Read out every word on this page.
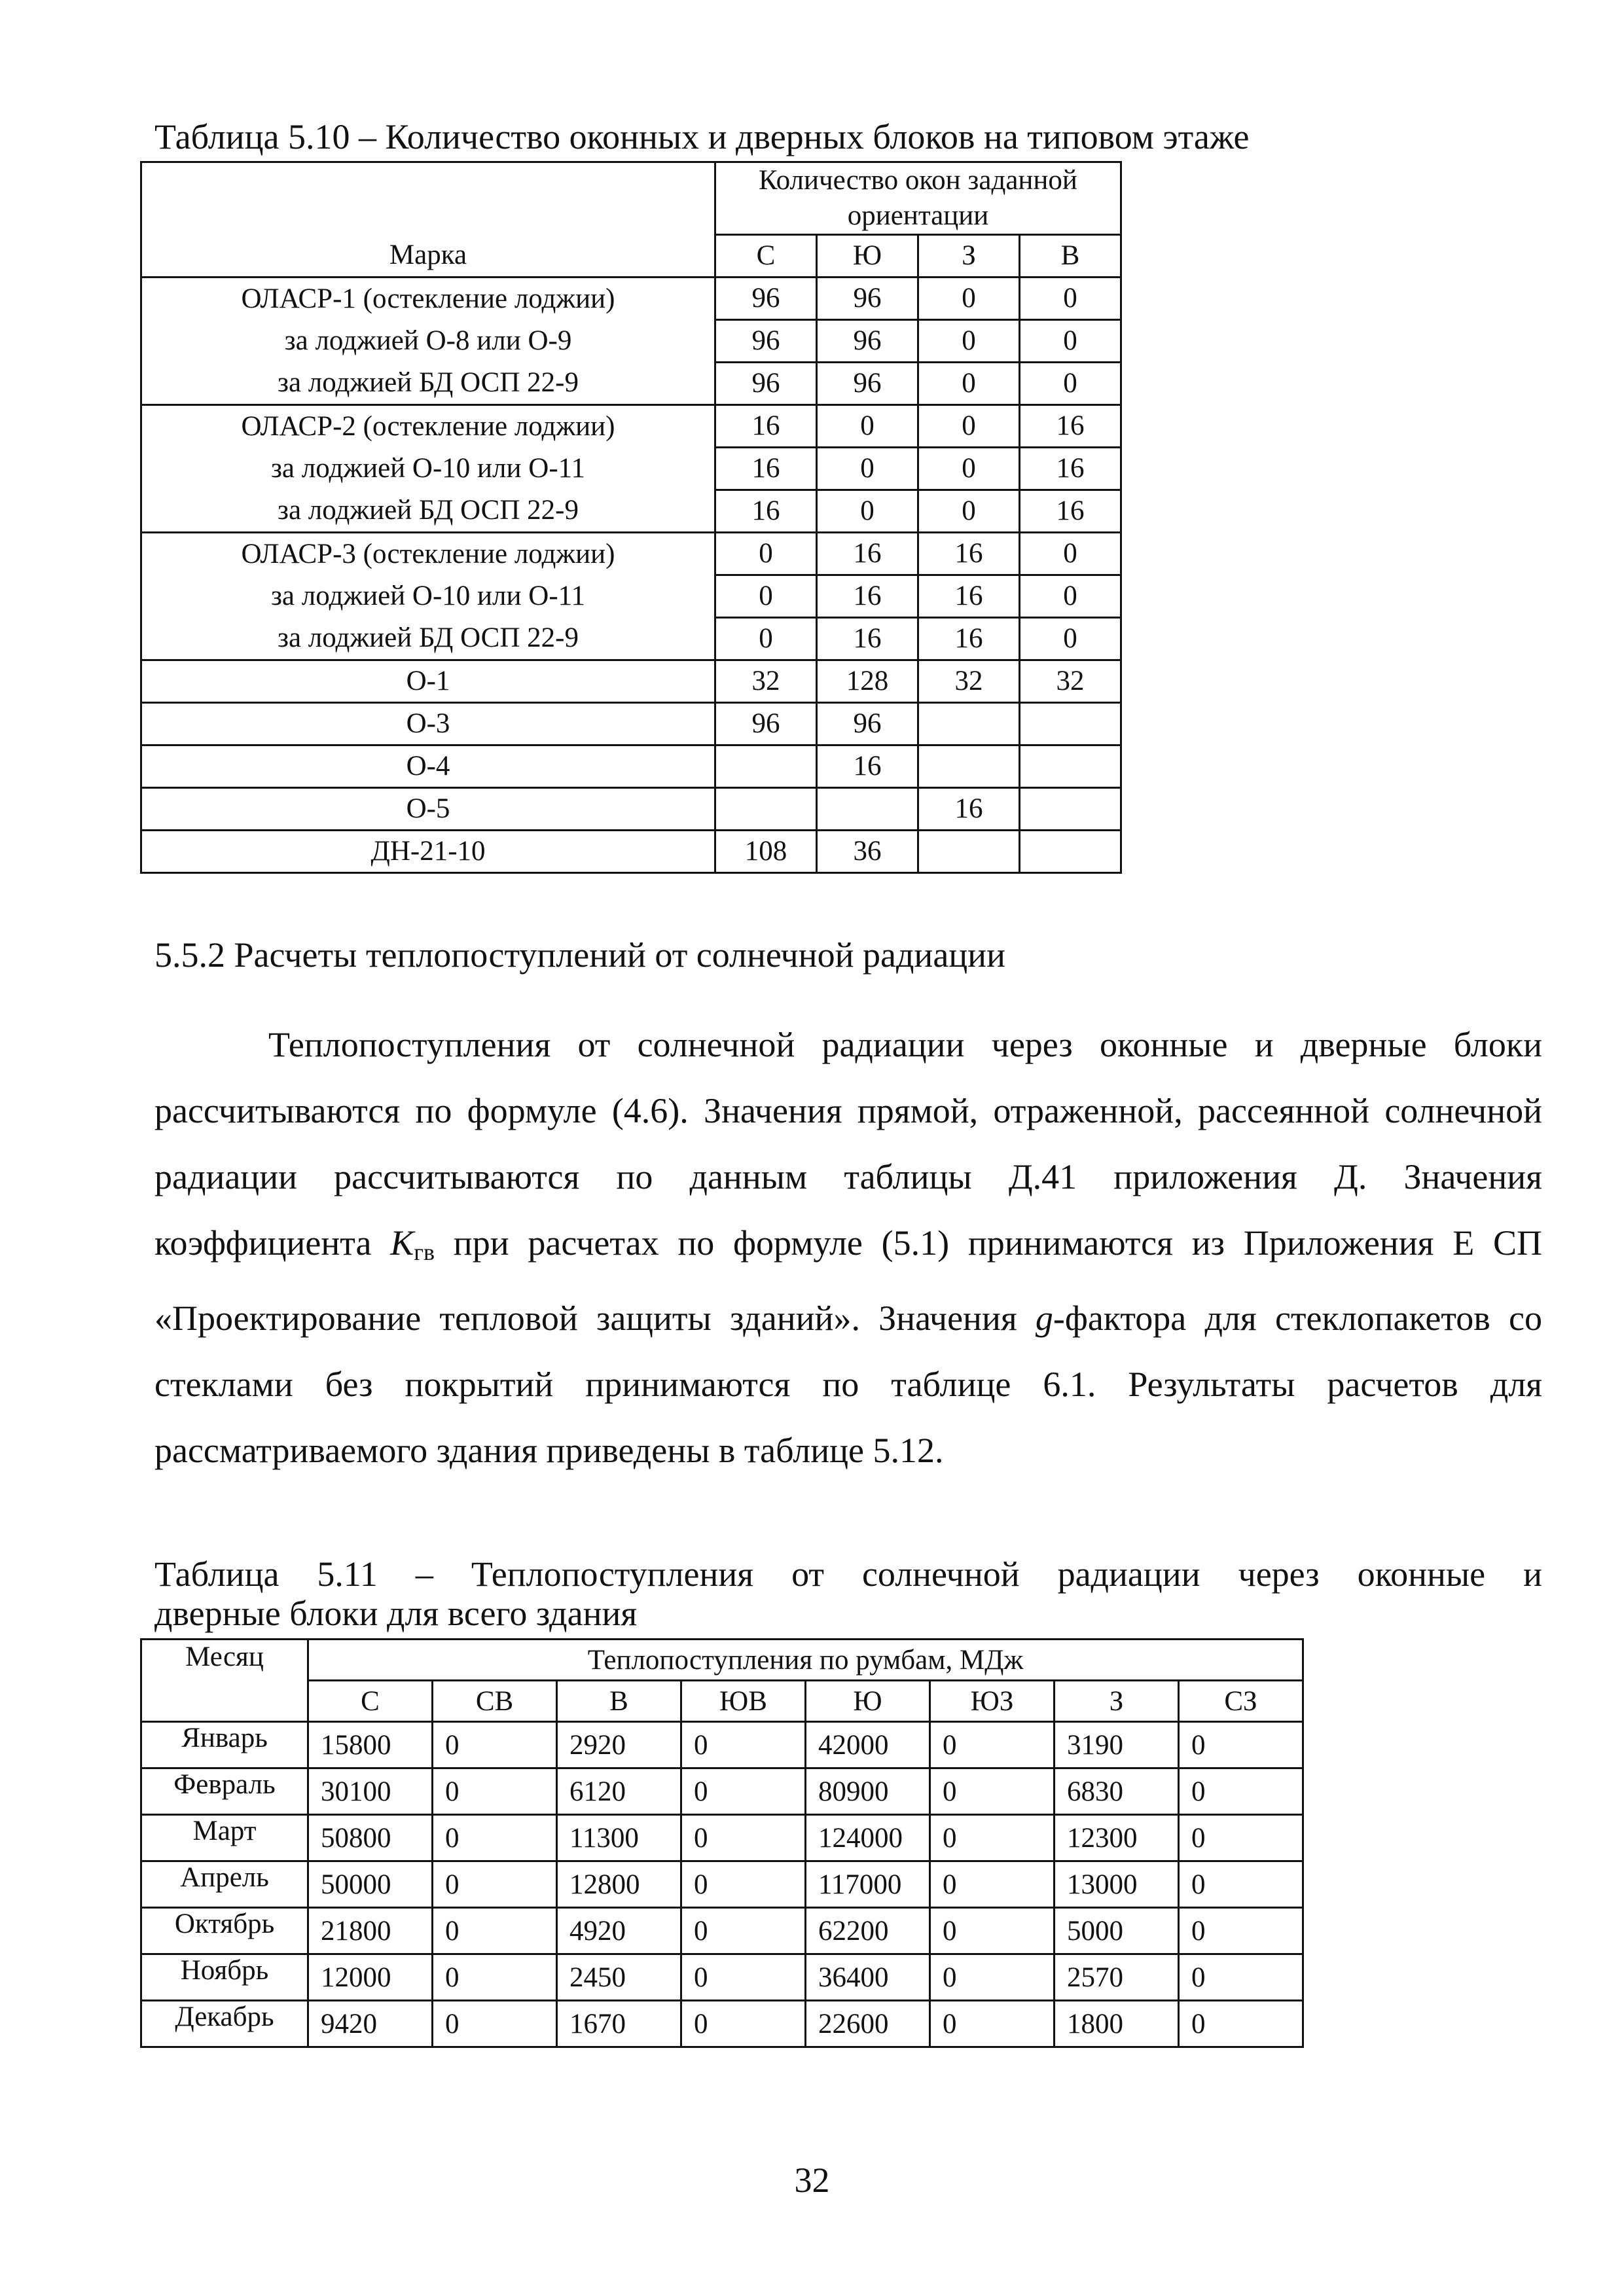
Таблица 5.10 – Количество оконных и дверных блоков на типовом этаже
	Количество окон заданной ориентации			
Марка	С	Ю	З	В
ОЛАСР-1 (остекление лоджии)	96	96	0	0
за лоджией О-8 или О-9	96	96	0	0
за лоджией БД ОСП 22-9	96	96	0	0
ОЛАСР-2 (остекление лоджии)	16	0	0	16
за лоджией О-10 или О-11	16	0	0	16
за лоджией БД ОСП 22-9	16	0	0	16
ОЛАСР-3 (остекление лоджии)	0	16	16	0
за лоджией О-10 или О-11	0	16	16	0
за лоджией БД ОСП 22-9	0	16	16	0
О-1	32	128	32	32
О-3	96	96		
О-4		16		
О-5			16	
ДН-21-10	108	36		
5.5.2 Расчеты теплопоступлений от солнечной радиации
Теплопоступления от солнечной радиации через оконные и дверные блоки рассчитываются по формуле (4.6). Значения прямой, отраженной, рассеянной солнечной радиации рассчитываются по данным таблицы Д.41 приложения Д. Значения коэффициента $K_{гв}$ при расчетах по формуле (5.1) принимаются из Приложения Е СП «Проектирование тепловой защиты зданий». Значения g-фактора для стеклопакетов со стеклами без покрытий принимаются по таблице 6.1. Результаты расчетов для рассматриваемого здания приведены в таблице 5.12.
Таблица 5.11 – Теплопоступления от солнечной радиации через оконные и
дверные блоки для всего здания
Месяц	Теплопоступления по румбам, МДж							
	С	СВ	В	ЮВ	Ю	ЮЗ	З	СЗ
Январь	15800	0	2920	0	42000	0	3190	0
Февраль	30100	0	6120	0	80900	0	6830	0
Март	50800	0	11300	0	124000	0	12300	0
Апрель	50000	0	12800	0	117000	0	13000	0
Октябрь	21800	0	4920	0	62200	0	5000	0
Ноябрь	12000	0	2450	0	36400	0	2570	0
Декабрь	9420	0	1670	0	22600	0	1800	0
32
